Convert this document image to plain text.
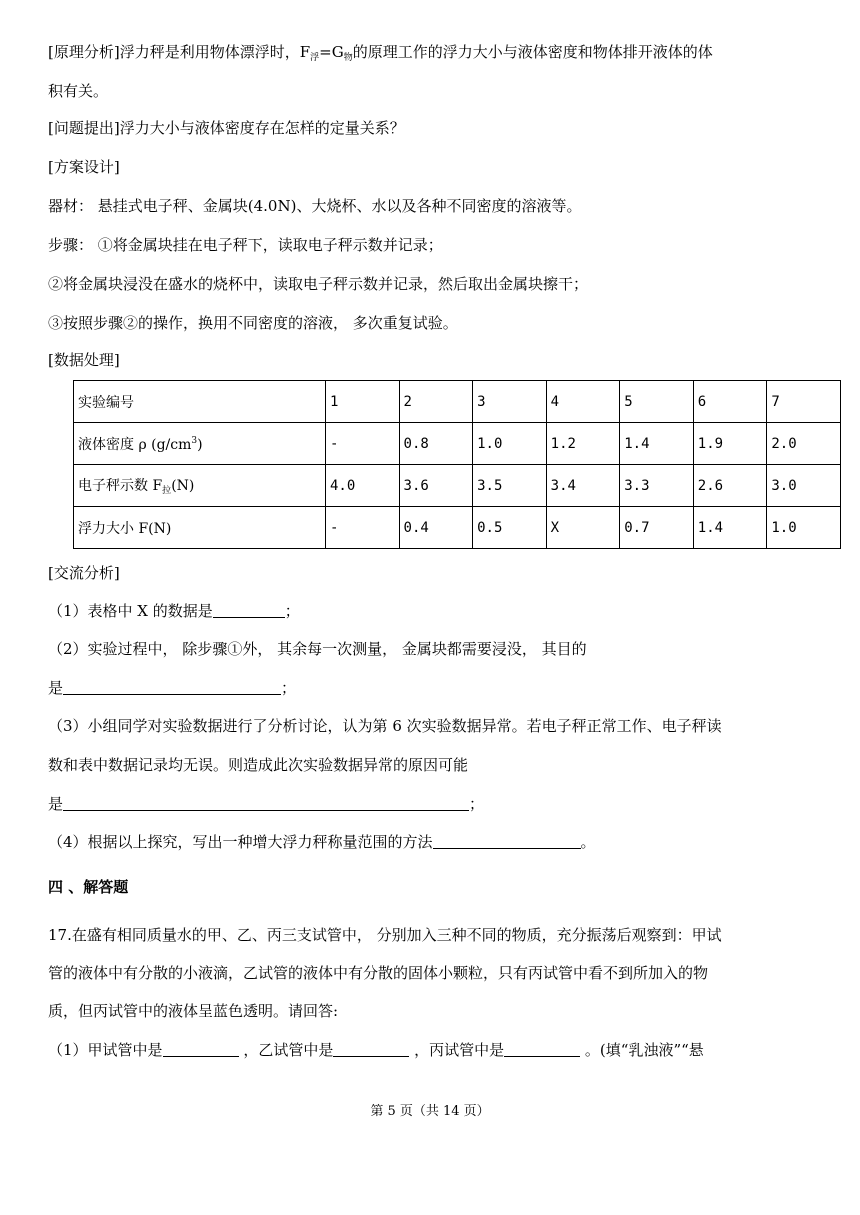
[原理分析]浮力秤是利用物体漂浮时，$F_浮=G_物$的原理工作的浮力大小与液体密度和物体排开液体的体
积有关。
[问题提出]浮力大小与液体密度存在怎样的定量关系？
[方案设计]
器材： 悬挂式电子秤、金属块(4.0N)、大烧杯、水以及各种不同密度的溶液等。
步骤： ①将金属块挂在电子秤下，读取电子秤示数并记录；
②将金属块浸没在盛水的烧杯中，读取电子秤示数并记录，然后取出金属块擦干；
③按照步骤②的操作，换用不同密度的溶液， 多次重复试验。
[数据处理]
实验编号	1	2	3	4	5	6	7
液体密度 ρ $(g/cm^3)$	-	0.8	1.0	1.2	1.4	1.9	2.0
电子秤示数 $F_拉(N)$	4.0	3.6	3.5	3.4	3.3	2.6	3.0
浮力大小 F(N)	-	0.4	0.5	X	0.7	1.4	1.0
[交流分析]
（1）表格中 X 的数据是	；
（2）实验过程中， 除步骤①外， 其余每一次测量， 金属块都需要浸没， 其目的
是	；
（3）小组同学对实验数据进行了分析讨论，认为第 6 次实验数据异常。若电子秤正常工作、电子秤读
数和表中数据记录均无误。则造成此次实验数据异常的原因可能
是	；
（4）根据以上探究，写出一种增大浮力秤称量范围的方法	。
四 、解答题
17.在盛有相同质量水的甲、乙、丙三支试管中， 分别加入三种不同的物质，充分振荡后观察到：甲试
管的液体中有分散的小液滴，乙试管的液体中有分散的固体小颗粒，只有丙试管中看不到所加入的物
质，但丙试管中的液体呈蓝色透明。请回答:
（1）甲试管中是	，乙试管中是	，丙试管中是	。(填“乳浊液”“悬
第 5 页（共 14 页）
